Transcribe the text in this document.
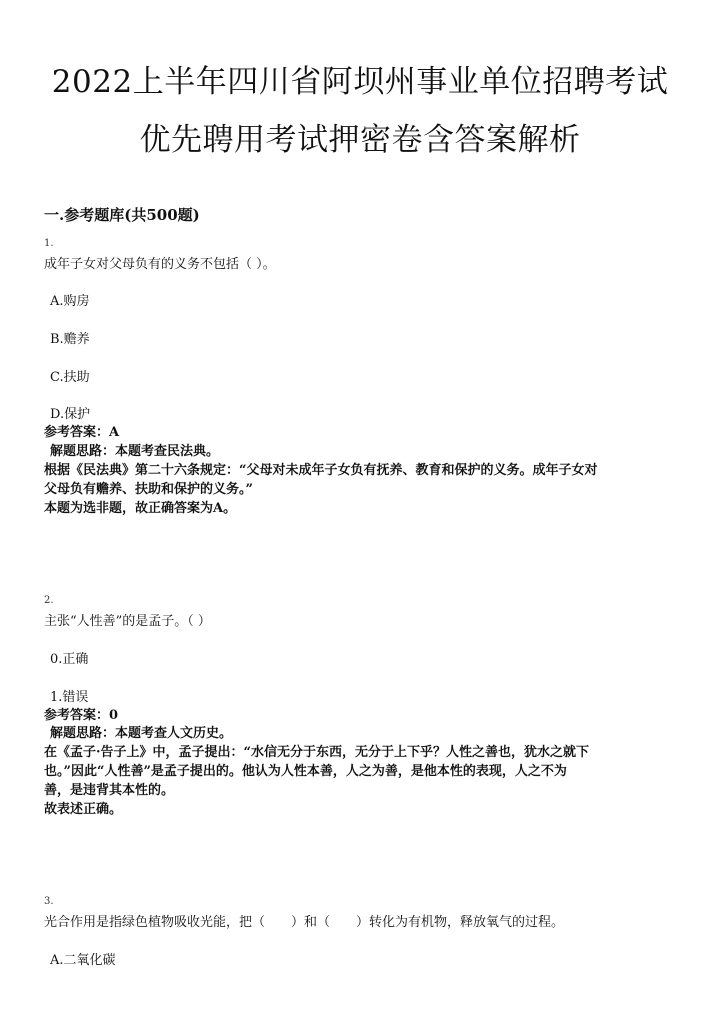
2022上半年四川省阿坝州事业单位招聘考试
优先聘用考试押密卷含答案解析
一.参考题库(共500题)
1.
成年子女对父母负有的义务不包括（ ）。
A.购房
B.赡养
C.扶助
D.保护
参考答案：A
解题思路：本题考查民法典。
根据《民法典》第二十六条规定：“父母对未成年子女负有抚养、教育和保护的义务。成年子女对
父母负有赡养、扶助和保护的义务。”
本题为选非题，故正确答案为A。
2.
主张“人性善”的是孟子。（ ）
0.正确
1.错误
参考答案：0
解题思路：本题考查人文历史。
在《孟子·告子上》中，孟子提出：“水信无分于东西，无分于上下乎？人性之善也，犹水之就下
也。”因此“人性善”是孟子提出的。他认为人性本善，人之为善，是他本性的表现，人之不为
善，是违背其本性的。
故表述正确。
3.
光合作用是指绿色植物吸收光能，把（　　）和（　　）转化为有机物，释放氧气的过程。
A.二氧化碳
